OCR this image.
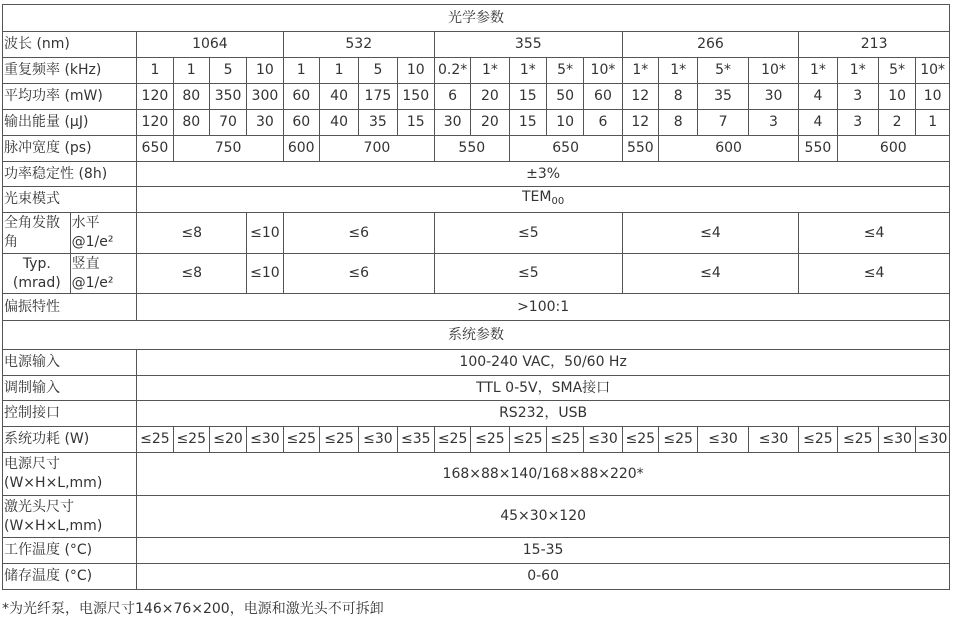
光学参数																						
波长 (nm)		1064				532				355					266				213			
重复频率 (kHz)		1	1	5	10	1	1	5	10	0.2*	1*	1*	5*	10*	1*	1*	5*	10*	1*	1*	5*	10*
平均功率 (mW)		120	80	350	300	60	40	175	150	6	20	15	50	60	12	8	35	30	4	3	10	10
输出能量 (μJ)		120	80	70	30	60	40	35	15	30	20	15	10	6	12	8	7	3	4	3	2	1
脉冲宽度 (ps)		650	750			600	700			550		650			550	600			550	600		
功率稳定性 (8h)		±3%																				
光束模式		$TEM_{00}$
全角发散角	水平 @1/e²	≤8			≤10	≤6				≤5					≤4				≤4			
Typ. (mrad)	竖直 @1/e²	≤8			≤10	≤6				≤5					≤4				≤4			
偏振特性		>100:1																				
系统参数																						
电源输入		100-240 VAC，50/60 Hz																				
调制输入		TTL 0-5V，SMA接口																				
控制接口		RS232，USB																				
系统功耗 (W)		≤25	≤25	≤20	≤30	≤25	≤25	≤30	≤35	≤25	≤25	≤25	≤25	≤30	≤25	≤25	≤30	≤30	≤25	≤25	≤30	≤30
电源尺寸 (W×H×L,mm)		168×88×140/168×88×220*																				
激光头尺寸 (W×H×L,mm)		45×30×120																				
工作温度 (°C)		15-35																				
储存温度 (°C)		0-60																				
*为光纤泵，电源尺寸146×76×200，电源和激光头不可拆卸
